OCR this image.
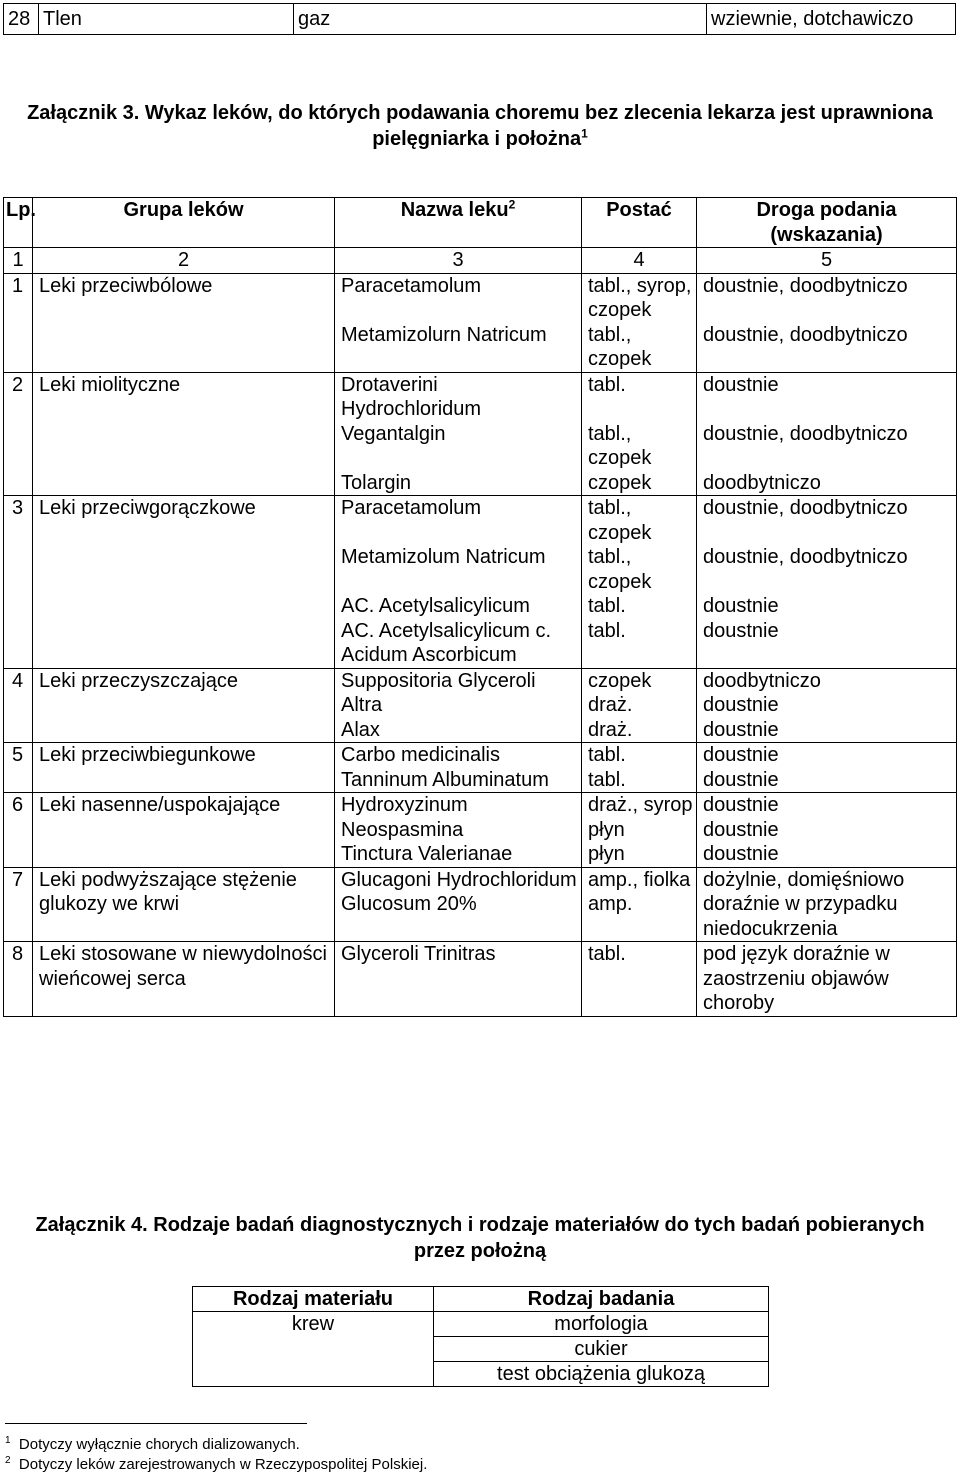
28	Tlen	gaz	wziewnie, dotchawiczo
Załącznik 3. Wykaz leków, do których podawania choremu bez zlecenia lekarza jest uprawniona
pielęgniarka i położna$^1$
Lp.	Grupa leków	Nazwa leku$^2$	Postać	Droga podania
(wskazania)

1	2	3	4	5
1	Leki przeciwbólowe	Paracetamolum	tabl., syrop, czopek	doustnie, doodbytniczo
		Metamizolurn Natricum	tabl., czopek	doustnie, doodbytniczo
2	Leki miolityczne	Drotaverini Hydrochloridum	tabl.	doustnie
		Vegantalgin	tabl., czopek	doustnie, doodbytniczo
		Tolargin	czopek	doodbytniczo
3	Leki przeciwgorączkowe	Paracetamolum	tabl., czopek	doustnie, doodbytniczo
		Metamizolum Natricum	tabl., czopek	doustnie, doodbytniczo
		AC. Acetylsalicylicum	tabl.	doustnie
		AC. Acetylsalicylicum c. Acidum Ascorbicum	tabl.	doustnie
4	Leki przeczyszczające	Suppositoria Glyceroli	czopek	doodbytniczo
		Altra	draż.	doustnie
		Alax	draż.	doustnie
5	Leki przeciwbiegunkowe	Carbo medicinalis	tabl.	doustnie
		Tanninum Albuminatum	tabl.	doustnie
6	Leki nasenne/uspokajające	Hydroxyzinum	draż., syrop	doustnie
		Neospasmina	płyn	doustnie
		Tinctura Valerianae	płyn	doustnie
7	Leki podwyższające stężenie glukozy we krwi	Glucagoni Hydrochloridum	amp., fiolka	dożylnie, domięśniowo
		Glucosum 20%	amp.	doraźnie w przypadku niedocukrzenia
8	Leki stosowane w niewydolności wieńcowej serca	Glyceroli Trinitras	tabl.	pod język doraźnie w zaostrzeniu objawów choroby
Załącznik 4. Rodzaje badań diagnostycznych i rodzaje materiałów do tych badań pobieranych
przez położną
Rodzaj materiału	Rodzaj badania
krew	morfologia
	cukier
	test obciążenia glukozą
$^1$ Dotyczy wyłącznie chorych dializowanych.
$^2$ Dotyczy leków zarejestrowanych w Rzeczypospolitej Polskiej.
